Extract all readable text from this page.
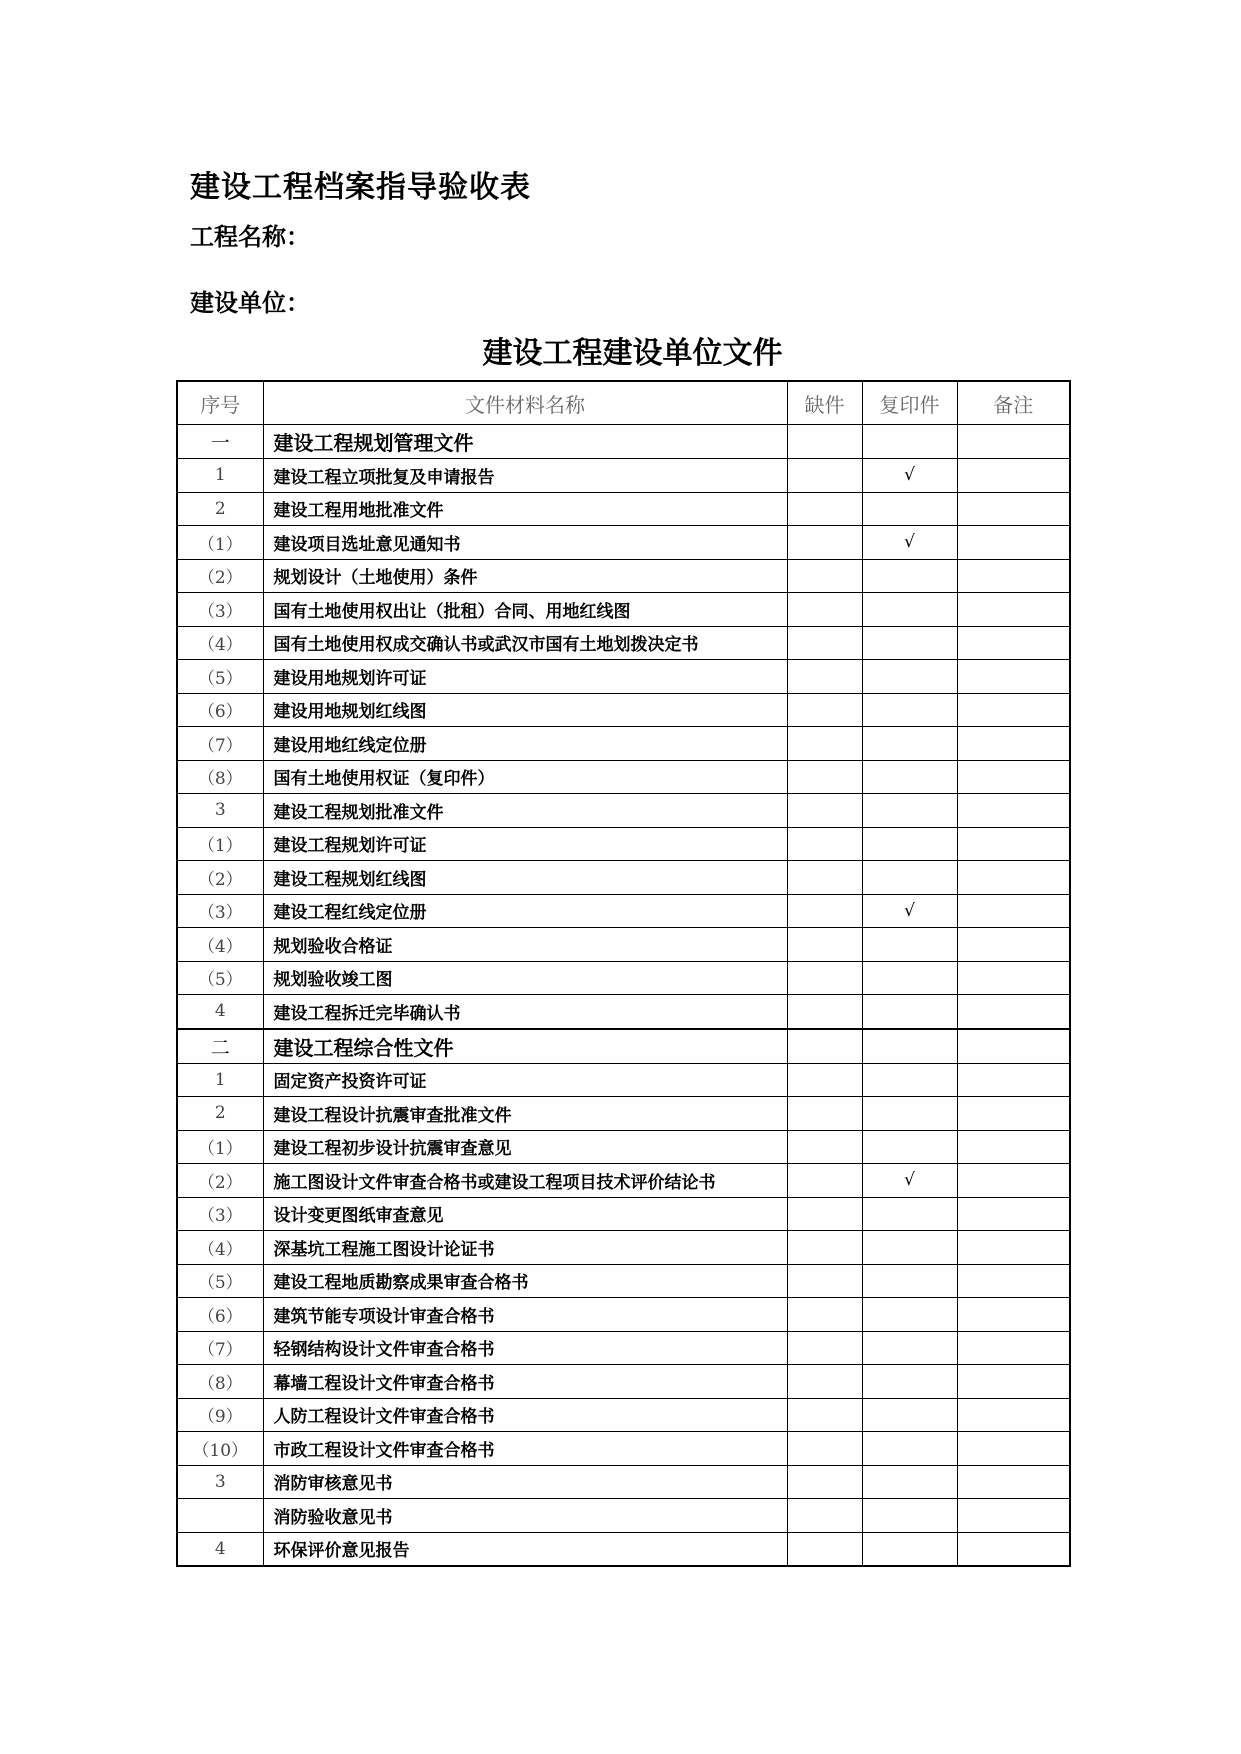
建设工程档案指导验收表
工程名称：
建设单位：
建设工程建设单位文件
序号	文件材料名称	缺件	复印件	备注
一	建设工程规划管理文件			
1	建设工程立项批复及申请报告		√	
2	建设工程用地批准文件			
（1）	建设项目选址意见通知书		√	
（2）	规划设计（土地使用）条件			
（3）	国有土地使用权出让（批租）合同、用地红线图			
（4）	国有土地使用权成交确认书或武汉市国有土地划拨决定书			
（5）	建设用地规划许可证			
（6）	建设用地规划红线图			
（7）	建设用地红线定位册			
（8）	国有土地使用权证（复印件）			
3	建设工程规划批准文件			
（1）	建设工程规划许可证			
（2）	建设工程规划红线图			
（3）	建设工程红线定位册		√	
（4）	规划验收合格证			
（5）	规划验收竣工图			
4	建设工程拆迁完毕确认书			
二	建设工程综合性文件			
1	固定资产投资许可证			
2	建设工程设计抗震审查批准文件			
（1）	建设工程初步设计抗震审查意见			
（2）	施工图设计文件审查合格书或建设工程项目技术评价结论书		√	
（3）	设计变更图纸审查意见			
（4）	深基坑工程施工图设计论证书			
（5）	建设工程地质勘察成果审查合格书			
（6）	建筑节能专项设计审查合格书			
（7）	轻钢结构设计文件审查合格书			
（8）	幕墙工程设计文件审查合格书			
（9）	人防工程设计文件审查合格书			
（10）	市政工程设计文件审查合格书			
3	消防审核意见书			
	消防验收意见书			
4	环保评价意见报告			
